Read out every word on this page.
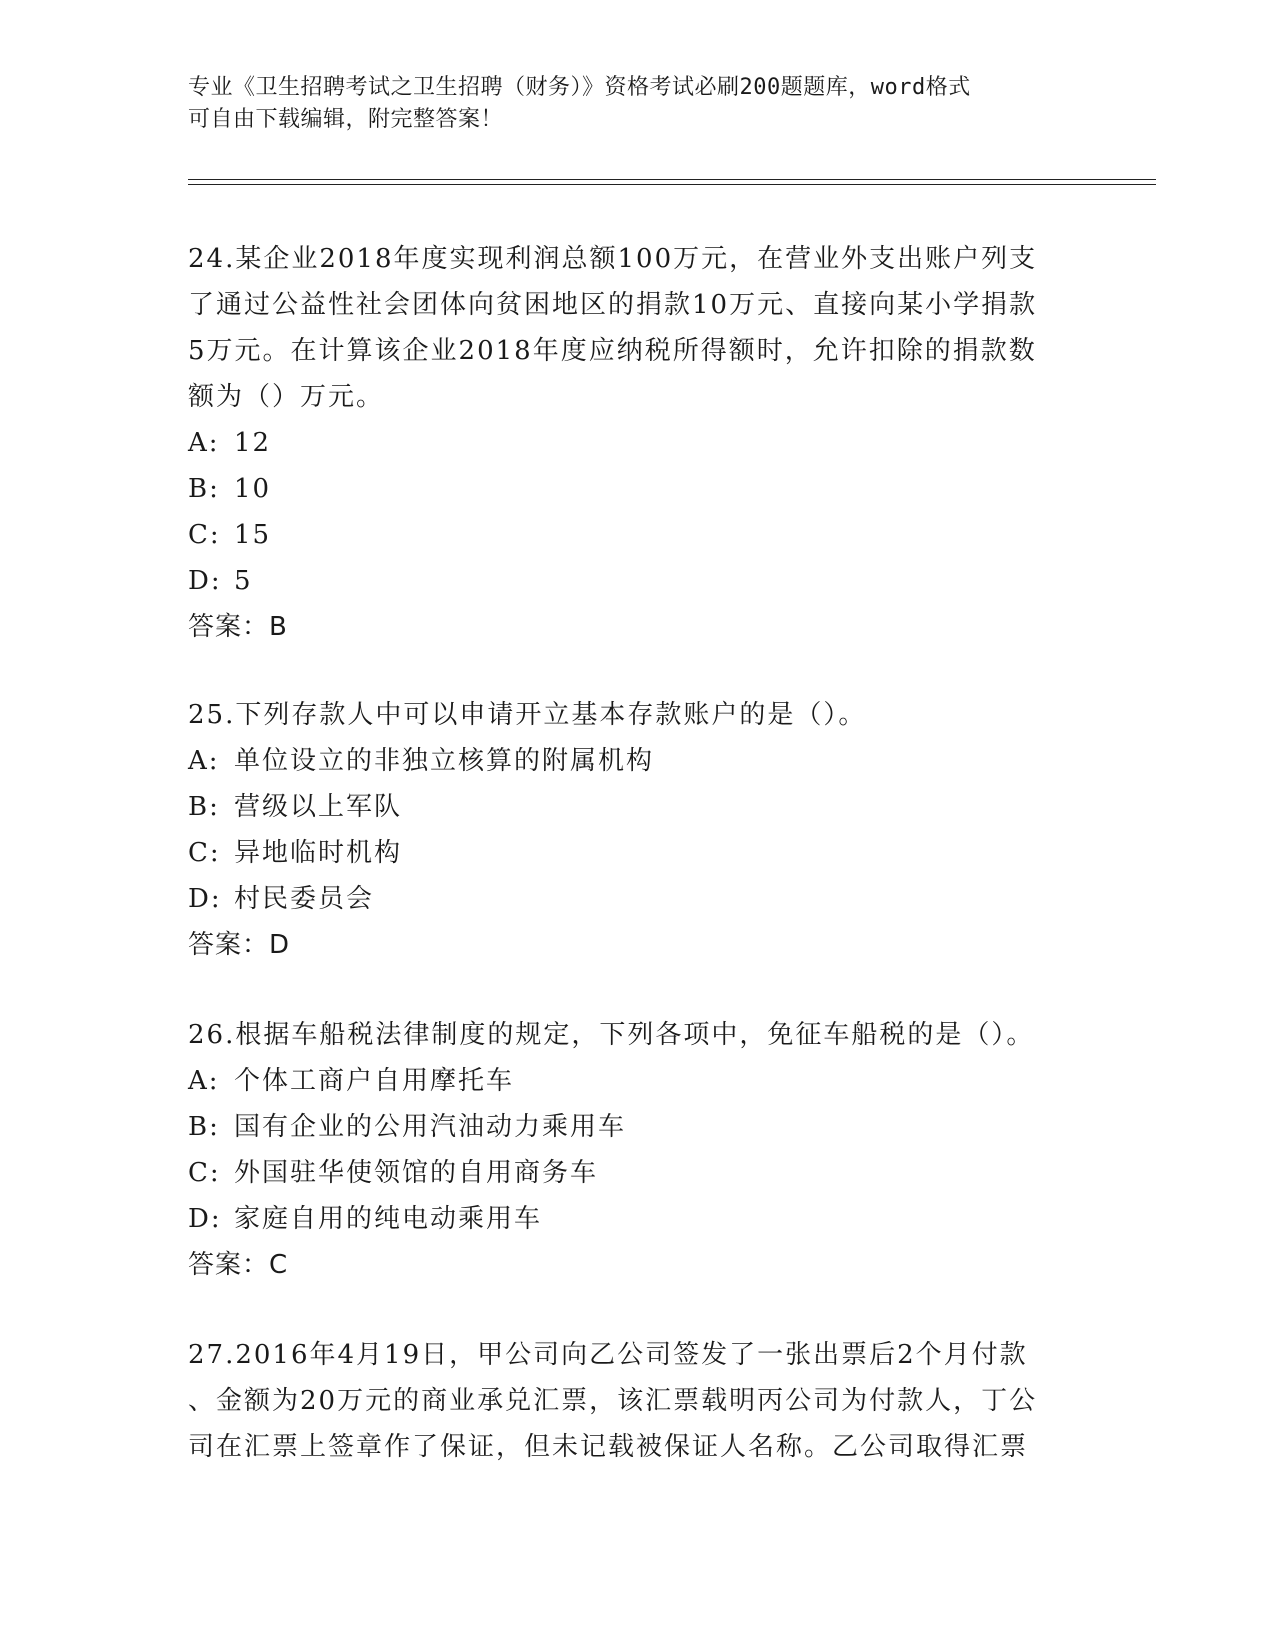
专业《卫生招聘考试之卫生招聘（财务）》资格考试必刷200题题库，word格式
可自由下载编辑，附完整答案！

24.某企业2018年度实现利润总额100万元，在营业外支出账户列支

了通过公益性社会团体向贫困地区的捐款10万元、直接向某小学捐款

5万元。在计算该企业2018年度应纳税所得额时，允许扣除的捐款数

额为（）万元。

A: 12

B: 10

C: 15

D: 5

答案：B

25.下列存款人中可以申请开立基本存款账户的是（）。

A: 单位设立的非独立核算的附属机构

B: 营级以上军队

C: 异地临时机构

D: 村民委员会

答案：D

26.根据车船税法律制度的规定，下列各项中，免征车船税的是（）。

A: 个体工商户自用摩托车

B: 国有企业的公用汽油动力乘用车

C: 外国驻华使领馆的自用商务车

D: 家庭自用的纯电动乘用车

答案：C

27.2016年4月19日，甲公司向乙公司签发了一张出票后2个月付款

、金额为20万元的商业承兑汇票，该汇票载明丙公司为付款人，丁公

司在汇票上签章作了保证，但未记载被保证人名称。乙公司取得汇票
